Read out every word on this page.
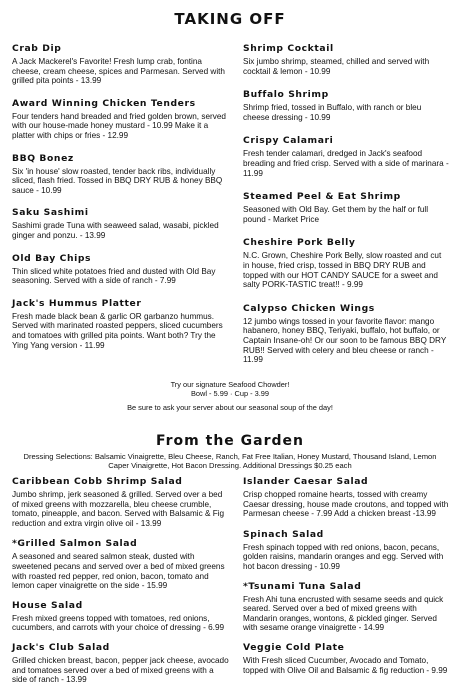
TAKING OFF
Crab Dip
A Jack Mackerel's Favorite! Fresh lump crab, fontina cheese, cream cheese, spices and Parmesan. Served with grilled pita points - 13.99
Award Winning Chicken Tenders
Four tenders hand breaded and fried golden brown, served with our house-made honey mustard - 10.99 Make it a platter with chips or fries - 12.99
BBQ Bonez
Six 'in house' slow roasted, tender back ribs, individually sliced, flash fried. Tossed in BBQ DRY RUB & honey BBQ sauce - 10.99
Saku Sashimi
Sashimi grade Tuna with seaweed salad, wasabi, pickled ginger and ponzu. - 13.99
Old Bay Chips
Thin sliced white potatoes fried and dusted with Old Bay seasoning. Served with a side of ranch - 7.99
Jack's Hummus Platter
Fresh made black bean & garlic OR garbanzo hummus. Served with marinated roasted peppers, sliced cucumbers and tomatoes with grilled pita points. Want both? Try the Ying Yang version - 11.99
Shrimp Cocktail
Six jumbo shrimp, steamed, chilled and served with cocktail & lemon - 10.99
Buffalo Shrimp
Shrimp fried, tossed in Buffalo, with ranch or bleu cheese dressing - 10.99
Crispy Calamari
Fresh tender calamari, dredged in Jack's seafood breading and fried crisp. Served with a side of marinara - 11.99
Steamed Peel & Eat Shrimp
Seasoned with Old Bay. Get them by the half or full pound - Market Price
Cheshire Pork Belly
N.C. Grown, Cheshire Pork Belly, slow roasted and cut in house, fried crisp, tossed in BBQ DRY RUB and topped with our HOT CANDY SAUCE for a sweet and salty PORK-TASTIC treat!! - 9.99
Calypso Chicken Wings
12 jumbo wings tossed in your favorite flavor: mango habanero, honey BBQ, Teriyaki, buffalo, hot buffalo, or Captain Insane-oh! Or our soon to be famous BBQ DRY RUB!! Served with celery and bleu cheese or ranch - 11.99
Try our signature Seafood Chowder!
Bowl - 5.99 · Cup - 3.99
Be sure to ask your server about our seasonal soup of the day!
From the Garden
Dressing Selections: Balsamic Vinaigrette, Bleu Cheese, Ranch, Fat Free Italian, Honey Mustard, Thousand Island, Lemon Caper Vinaigrette, Hot Bacon Dressing. Additional Dressings $0.25 each
Caribbean Cobb Shrimp Salad
Jumbo shrimp, jerk seasoned & grilled. Served over a bed of mixed greens with mozzarella, bleu cheese crumble, tomato, pineapple, and bacon. Served with Balsamic & Fig reduction and extra virgin olive oil - 13.99
*Grilled Salmon Salad
A seasoned and seared salmon steak, dusted with sweetened pecans and served over a bed of mixed greens with roasted red pepper, red onion, bacon, tomato and lemon caper vinaigrette on the side - 15.99
House Salad
Fresh mixed greens topped with tomatoes, red onions, cucumbers, and carrots with your choice of dressing - 6.99
Jack's Club Salad
Grilled chicken breast, bacon, pepper jack cheese, avocado and tomatoes served over a bed of mixed greens with a side of ranch - 13.99
Islander Caesar Salad
Crisp chopped romaine hearts, tossed with creamy Caesar dressing, house made croutons, and topped with Parmesan cheese - 7.99 Add a chicken breast -13.99
Spinach Salad
Fresh spinach topped with red onions, bacon, pecans, golden raisins, mandarin oranges and egg. Served with hot bacon dressing - 10.99
*Tsunami Tuna Salad
Fresh Ahi tuna encrusted with sesame seeds and quick seared. Served over a bed of mixed greens with Mandarin oranges, wontons, & pickled ginger. Served with sesame orange vinaigrette - 14.99
Veggie Cold Plate
With Fresh sliced Cucumber, Avocado and Tomato, topped with Olive Oil and Balsamic & fig reduction - 9.99
